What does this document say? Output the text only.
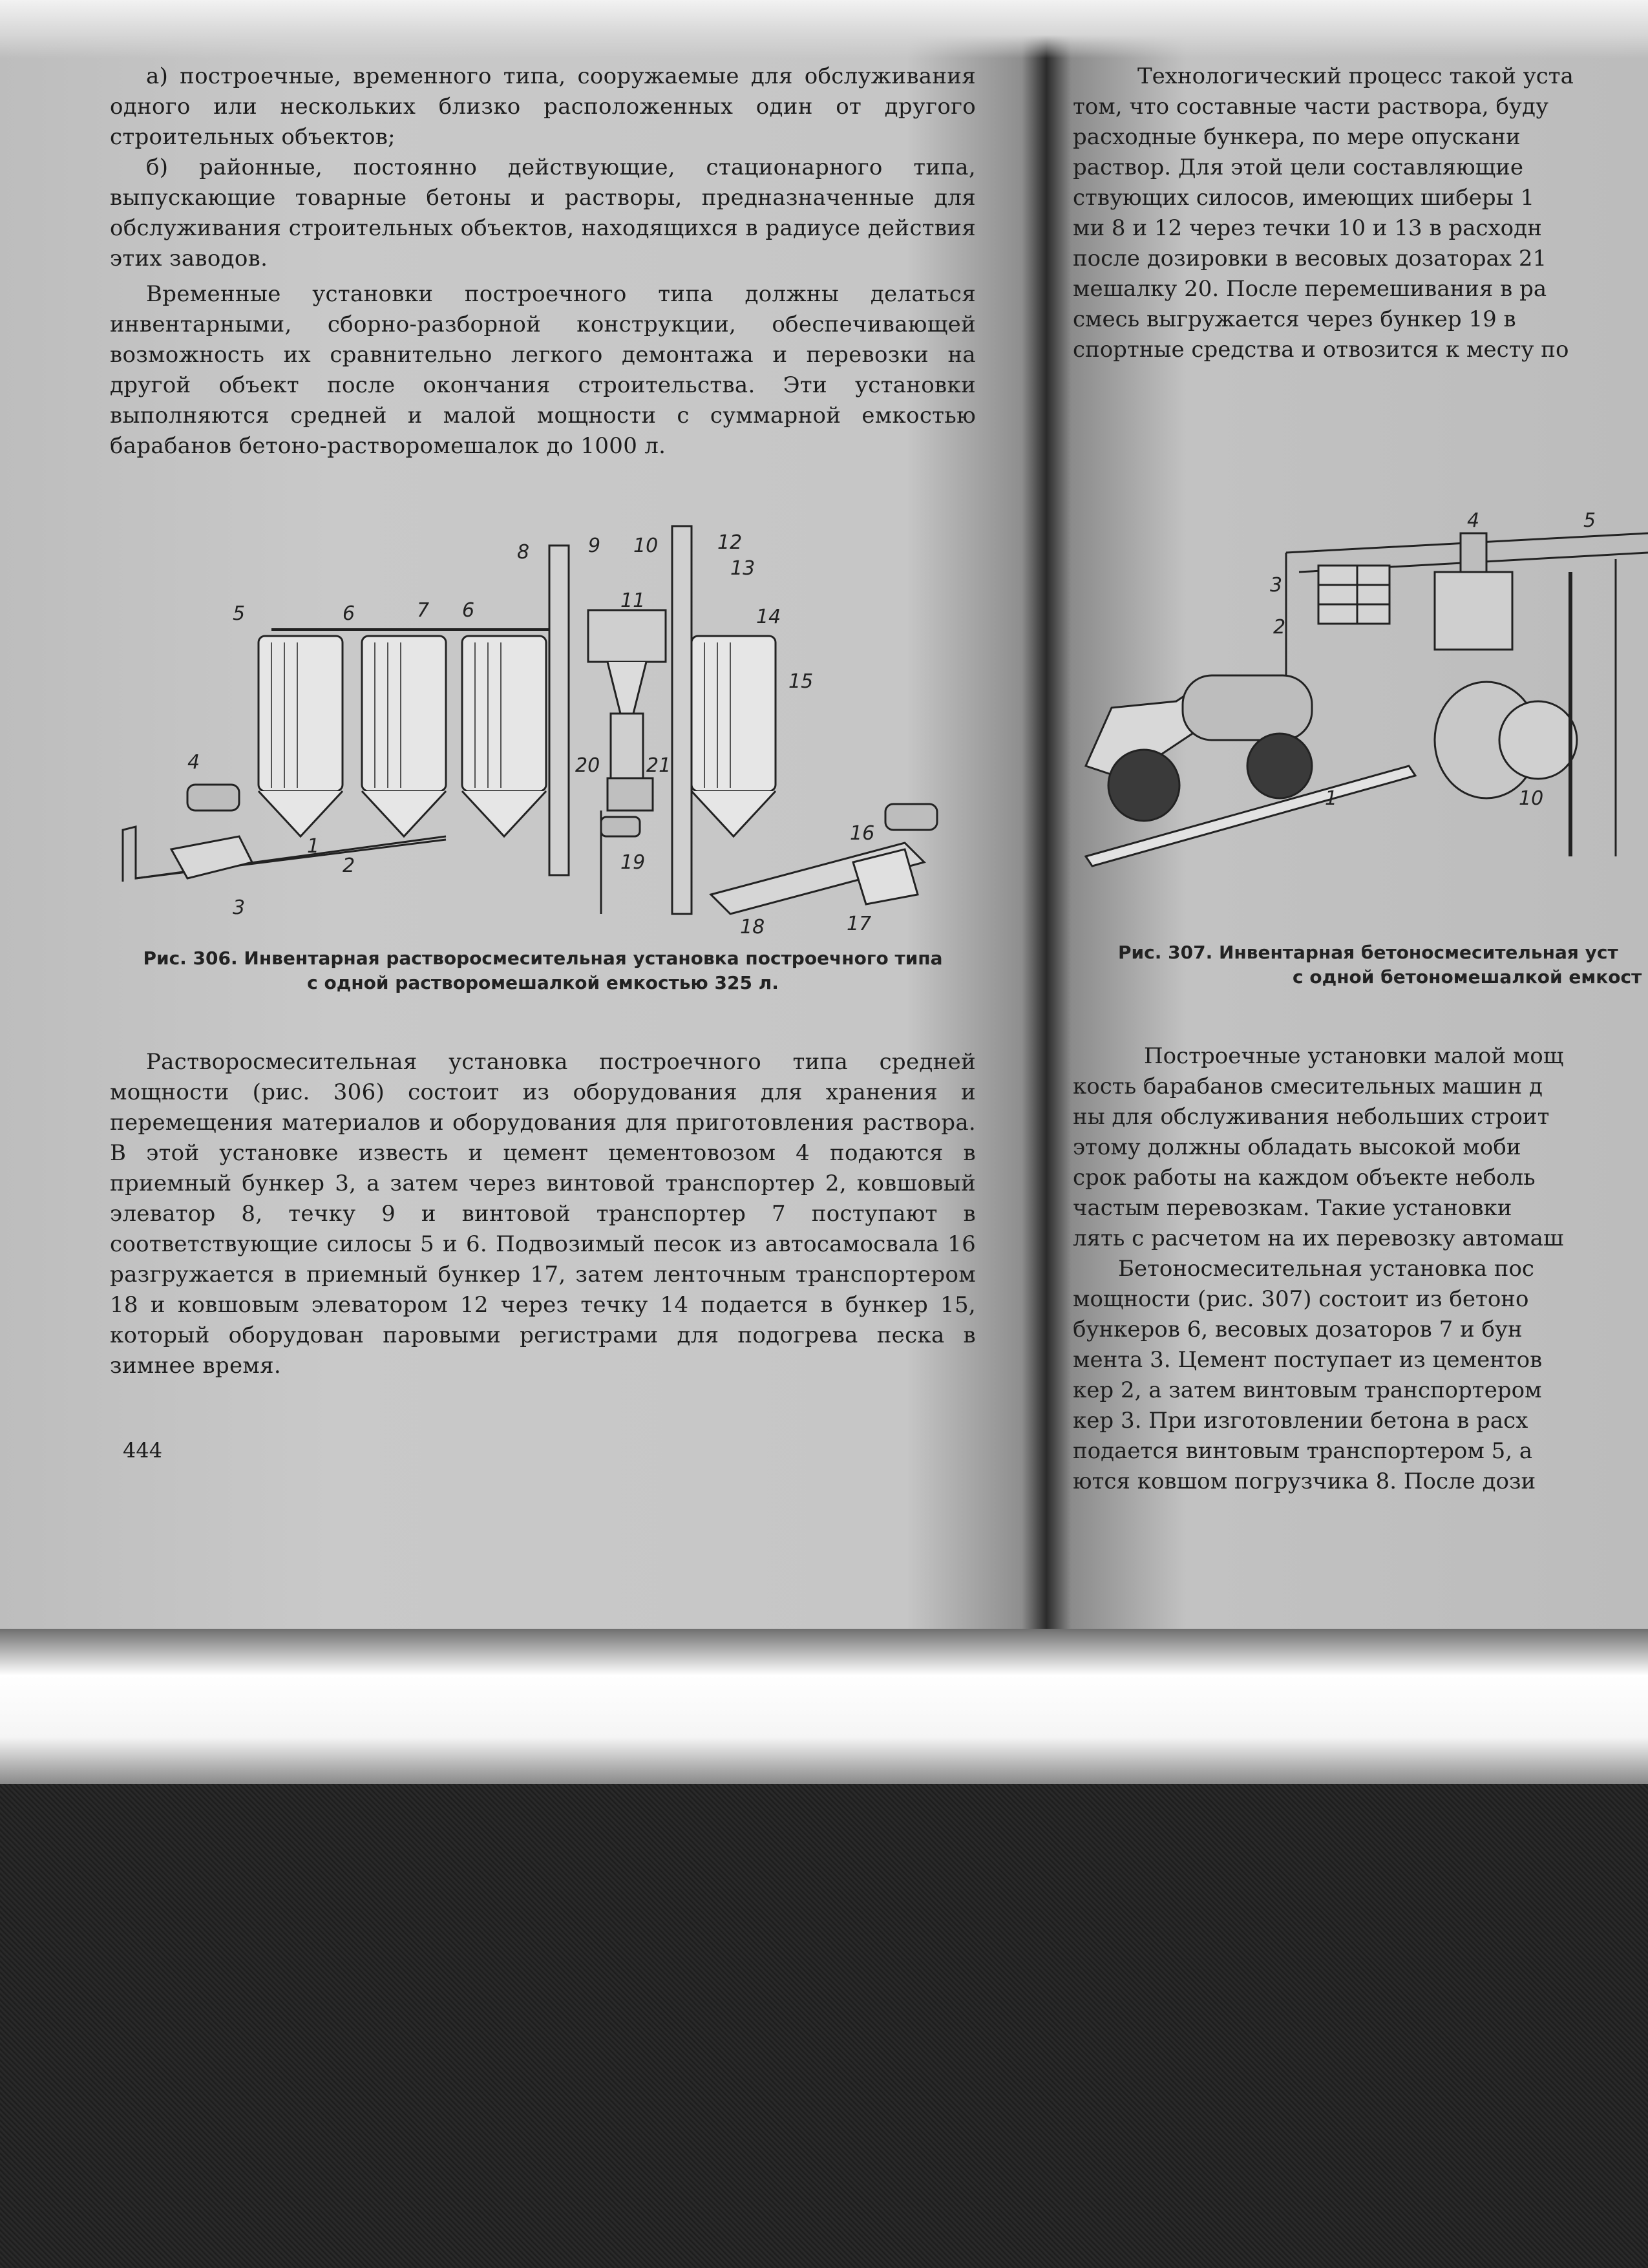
а) построечные, временного типа, сооружаемые для обслуживания одного или нескольких близко расположенных один от другого строительных объектов;

б) районные, постоянно действующие, стационарного типа, выпускающие товарные бетоны и растворы, предназначенные для обслуживания строительных объектов, находящихся в радиусе действия этих заводов.

Временные установки построечного типа должны делаться инвентарными, сборно-разборной конструкции, обеспечивающей возможность их сравнительно легкого демонтажа и перевозки на другой объект после окончания строительства. Эти установки выполняются средней и малой мощности с суммарной емкостью барабанов бетоно-растворомешалок до 1000 л.

1
2
3
4
5	6	7 6
8	9 10
11
12
13
14
15
16
17
18
19
20 21
Рис. 306. Инвентарная растворосмесительная установка построечного типа
с одной растворомешалкой емкостью 325 л.

Растворосмесительная установка построечного типа средней мощности (рис. 306) состоит из оборудования для хранения и перемещения материалов и оборудования для приготовления раствора. В этой установке известь и цемент цементовозом 4 подаются в приемный бункер 3, а затем через винтовой транспортер 2, ковшовый элеватор 8, течку 9 и винтовой транспортер 7 поступают в соответствующие силосы 5 и 6. Подвозимый песок из автосамосвала 16 разгружается в приемный бункер 17, затем ленточным транспортером 18 и ковшовым элеватором 12 через течку 14 подается в бункер 15, который оборудован паровыми регистрами для подогрева песка в зимнее время.

444
Технологический процесс такой уста
том, что составные части раствора, буду
расходные бункера, по мере опускани
раствор. Для этой цели составляющие
ствующих силосов, имеющих шиберы 1
ми 8 и 12 через течки 10 и 13 в расходн
после дозировки в весовых дозаторах 21
мешалку 20. После перемешивания в ра
смесь выгружается через бункер 19 в
спортные средства и отвозится к месту по
1
2
3
4	5
10
Рис. 307. Инвентарная бетоносмесительная уст
с одной бетономешалкой емкост
Построечные установки малой мощ
кость барабанов смесительных машин д
ны для обслуживания небольших строит
этому должны обладать высокой моби
срок работы на каждом объекте неболь
частым перевозкам. Такие установки
лять с расчетом на их перевозку автомаш
Бетоносмесительная установка пос
мощности (рис. 307) состоит из бетоно
бункеров 6, весовых дозаторов 7 и бун
мента 3. Цемент поступает из цементов
кер 2, а затем винтовым транспортером
кер 3. При изготовлении бетона в расх
подается винтовым транспортером 5, а
ются ковшом погрузчика 8. После дози
